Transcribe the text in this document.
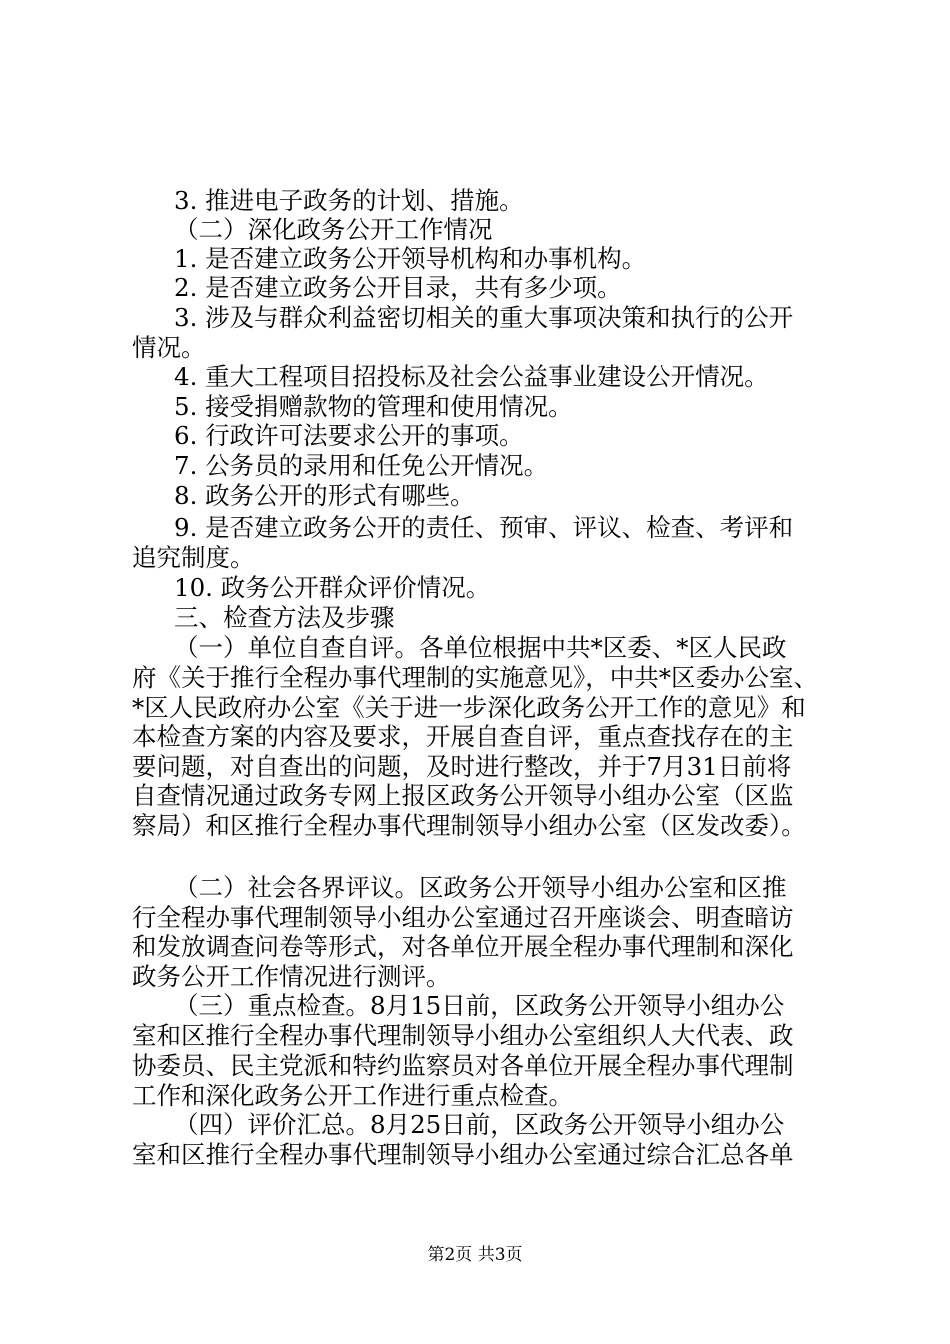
3. 推进电子政务的计划、措施。
（二）深化政务公开工作情况
1. 是否建立政务公开领导机构和办事机构。
2. 是否建立政务公开目录，共有多少项。
3. 涉及与群众利益密切相关的重大事项决策和执行的公开
情况。
4. 重大工程项目招投标及社会公益事业建设公开情况。
5. 接受捐赠款物的管理和使用情况。
6. 行政许可法要求公开的事项。
7. 公务员的录用和任免公开情况。
8. 政务公开的形式有哪些。
9. 是否建立政务公开的责任、预审、评议、检查、考评和
追究制度。
10. 政务公开群众评价情况。
三、检查方法及步骤
（一）单位自查自评。各单位根据中共*区委、*区人民政
府《关于推行全程办事代理制的实施意见》，中共*区委办公室、
*区人民政府办公室《关于进一步深化政务公开工作的意见》和
本检查方案的内容及要求，开展自查自评，重点查找存在的主
要问题，对自查出的问题，及时进行整改，并于7月31日前将
自查情况通过政务专网上报区政务公开领导小组办公室（区监
察局）和区推行全程办事代理制领导小组办公室（区发改委）。
（二）社会各界评议。区政务公开领导小组办公室和区推
行全程办事代理制领导小组办公室通过召开座谈会、明查暗访
和发放调查问卷等形式，对各单位开展全程办事代理制和深化
政务公开工作情况进行测评。
（三）重点检查。8月15日前，区政务公开领导小组办公
室和区推行全程办事代理制领导小组办公室组织人大代表、政
协委员、民主党派和特约监察员对各单位开展全程办事代理制
工作和深化政务公开工作进行重点检查。
（四）评价汇总。8月25日前，区政务公开领导小组办公
室和区推行全程办事代理制领导小组办公室通过综合汇总各单
第2页 共3页
